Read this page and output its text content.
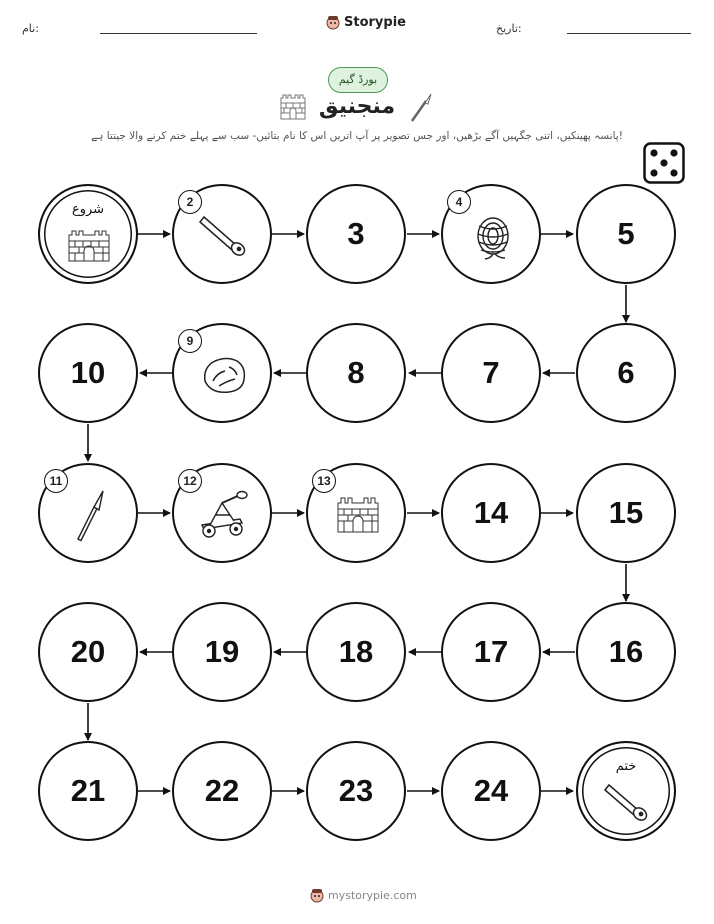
نام:	Storypie	تاریخ:
بورڈ گیم
منجنیق
پانسہ پھینکیں، اتنی جگہیں آگے بڑھیں، اور جس تصویر پر آپ اتریں اس کا نام بتائیں- سب سے پہلے ختم کرنے والا جیتتا ہے!
شروع	2
3
4
5
6
7
8
9
10
11	12	13
14	15
16
17
18
19
20
21	22	23	24
ختم
mystorypie.com
